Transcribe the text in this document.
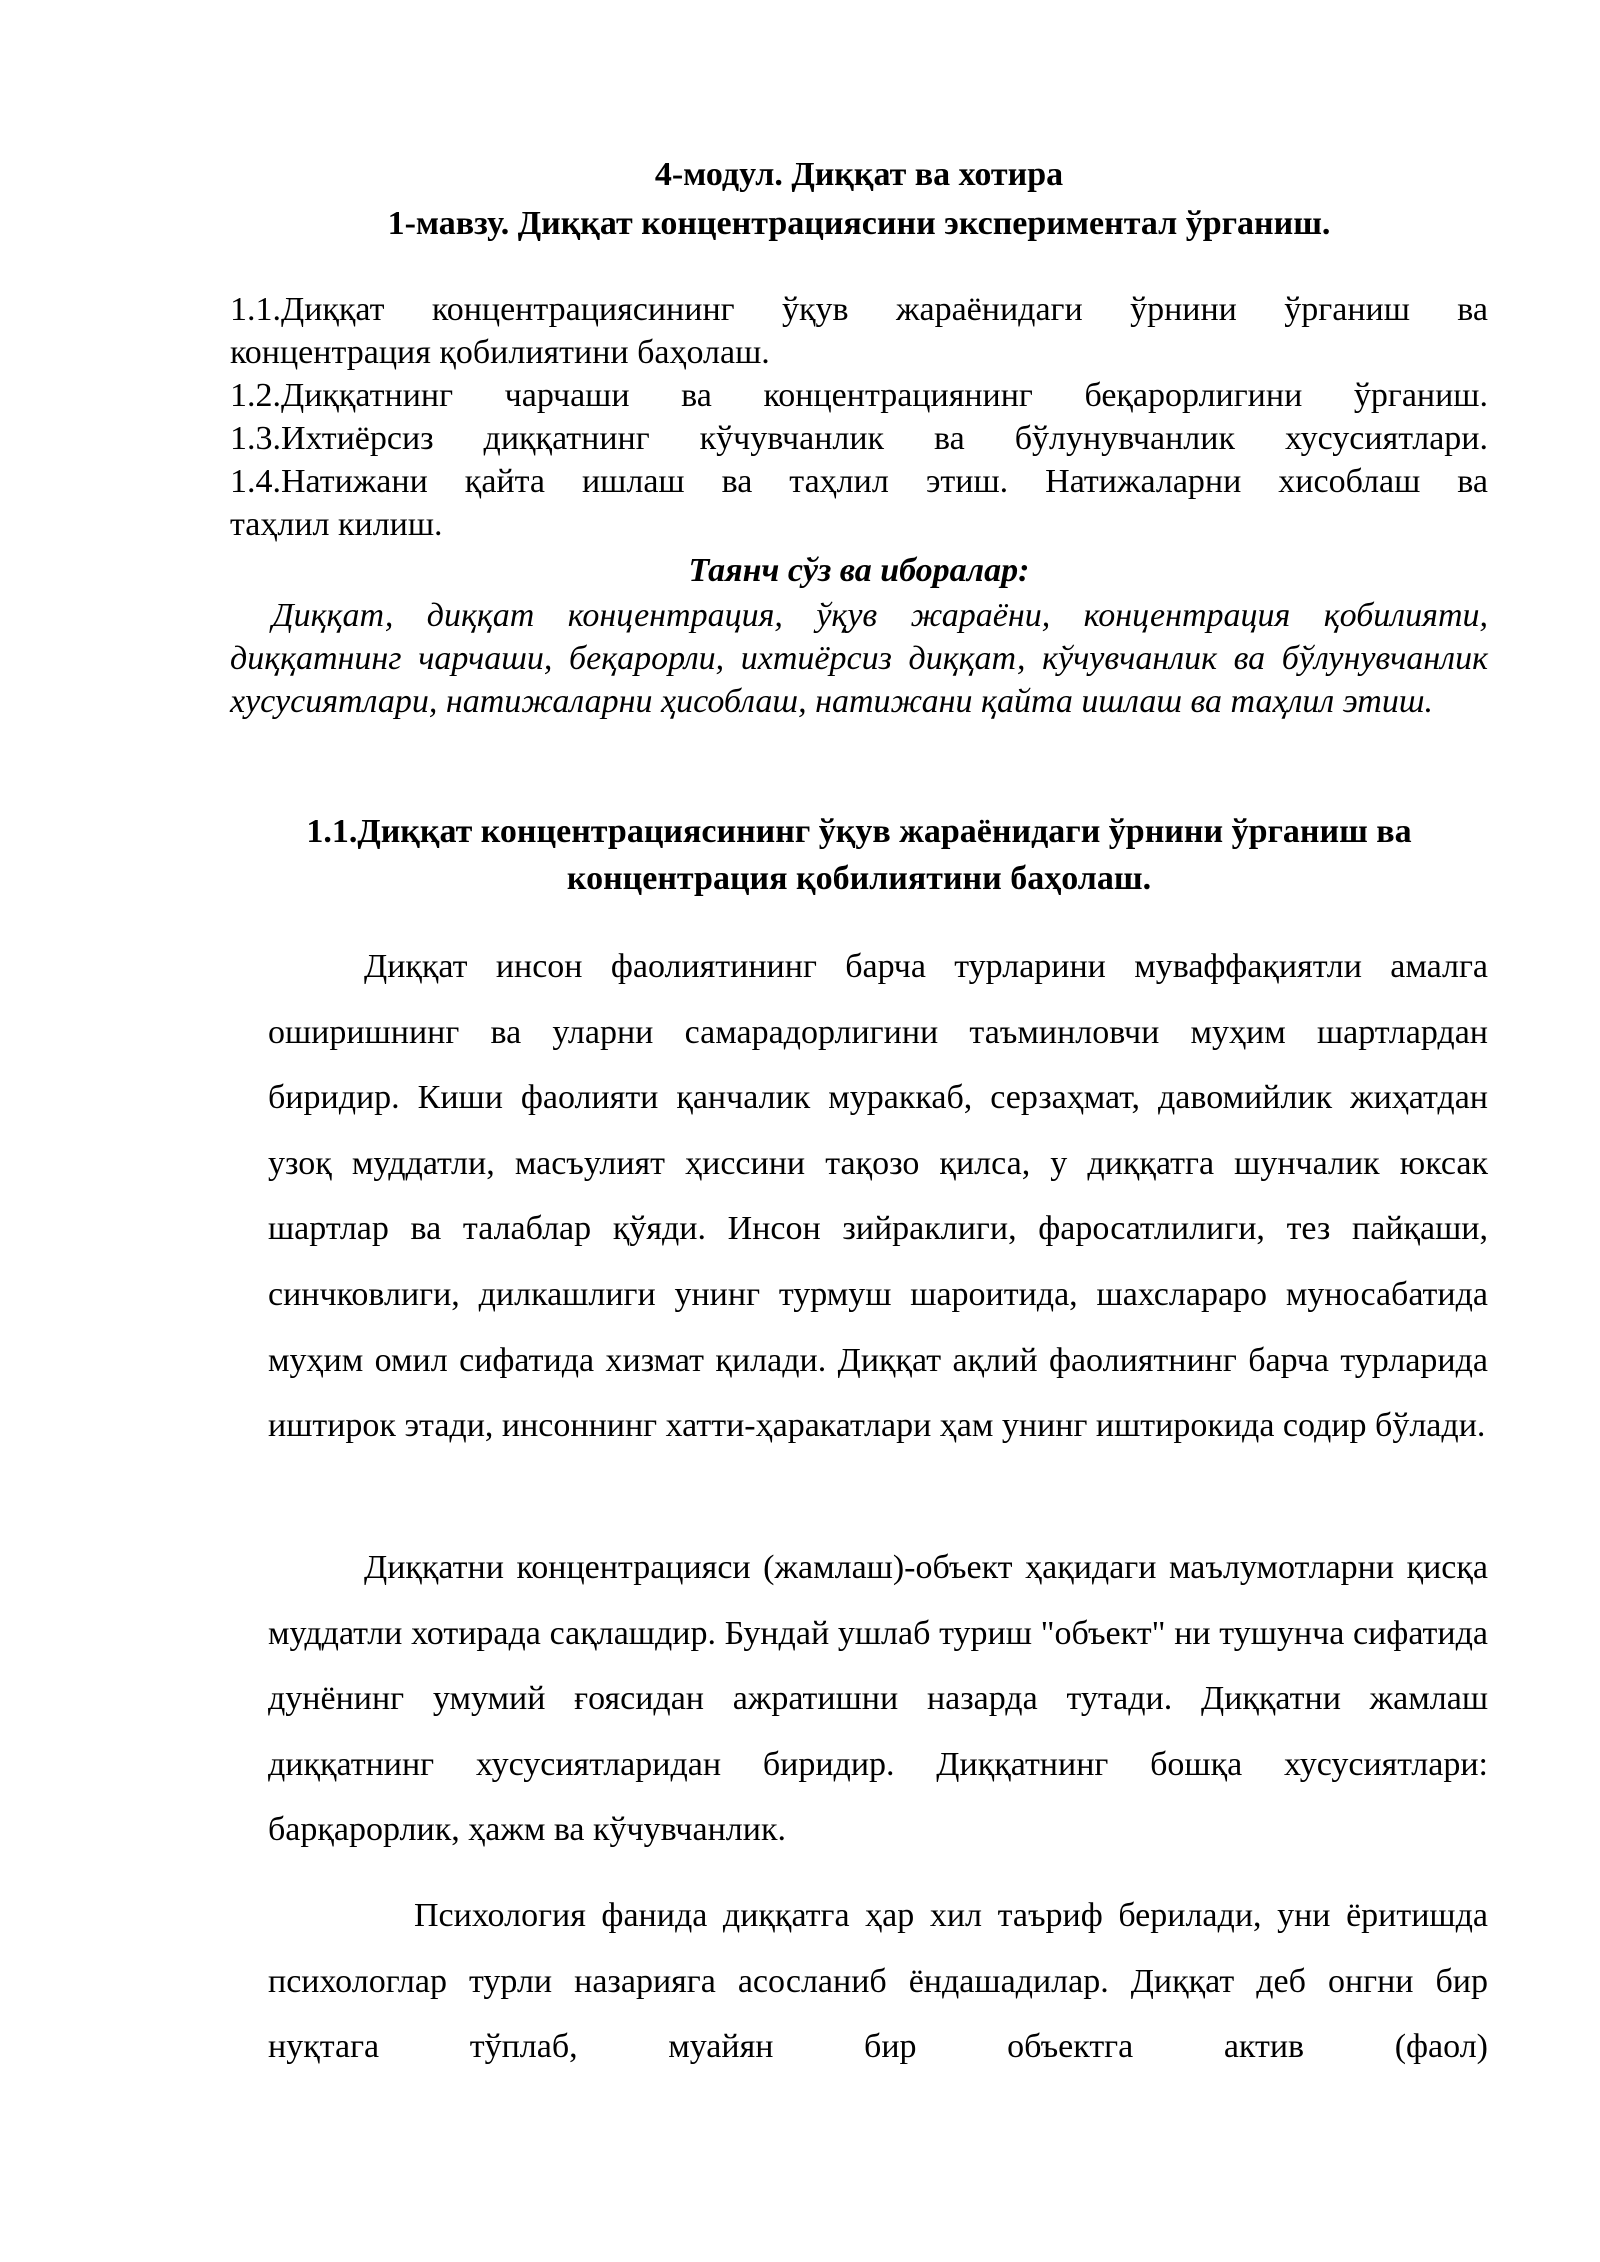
4-модул. Диққат ва хотира

1-мавзу. Диққат концентрациясини экспериментал ўрганиш.

1.1.Диққат концентрациясининг ўқув жараёнидаги ўрнини ўрганиш ва
концентрация қобилиятини баҳолаш.
1.2.Диққатнинг чарчаши ва концентрациянинг беқарорлигини ўрганиш.
1.3.Ихтиёрсиз диққатнинг кўчувчанлик ва бўлунувчанлик хусусиятлари.
1.4.Натижани қайта ишлаш ва таҳлил этиш. Натижаларни хисоблаш ва
таҳлил килиш.
Таянч сўз ва иборалар:
Диққат, диққат концентрация, ўқув жараёни, концентрация қобилияти, диққатнинг чарчаши, беқарорли, ихтиёрсиз диққат, кўчувчанлик ва бўлунувчанлик хусусиятлари, натижаларни ҳисоблаш, натижани қайта ишлаш ва таҳлил этиш.
1.1.Диққат концентрациясининг ўқув жараёнидаги ўрнини ўрганиш ва
концентрация қобилиятини баҳолаш.

Диққат инсон фаолиятининг барча турларини муваффақиятли амалга оширишнинг ва уларни самарадорлигини таъминловчи муҳим шартлардан биридир. Киши фаолияти қанчалик мураккаб, серзаҳмат, давомийлик жиҳатдан узоқ муддатли, масъулият ҳиссини тақозо қилса, у диққатга шунчалик юксак шартлар ва талаблар қўяди. Инсон зийраклиги, фаросатлилиги, тез пайқаши, синчковлиги, дилкашлиги унинг турмуш шароитида, шахслараро муносабатида муҳим омил сифатида хизмат қилади. Диққат ақлий фаолиятнинг барча турларида иштирок этади, инсоннинг хатти-ҳаракатлари ҳам унинг иштирокида содир бўлади.

Диққатни концентрацияси (жамлаш)-объект ҳақидаги маълумотларни қисқа муддатли хотирада сақлашдир. Бундай ушлаб туриш "объект" ни тушунча сифатида дунёнинг умумий ғоясидан ажратишни назарда тутади. Диққатни жамлаш диққатнинг хусусиятларидан биридир. Диққатнинг бошқа хусусиятлари: барқарорлик, ҳажм ва кўчувчанлик.

Психология фанида диққатга ҳар хил таъриф берилади, уни ёритишда психологлар турли назарияга асосланиб ёндашадилар. Диққат деб онгни бир нуқтага тўплаб, муайян бир объектга актив (фаол)
